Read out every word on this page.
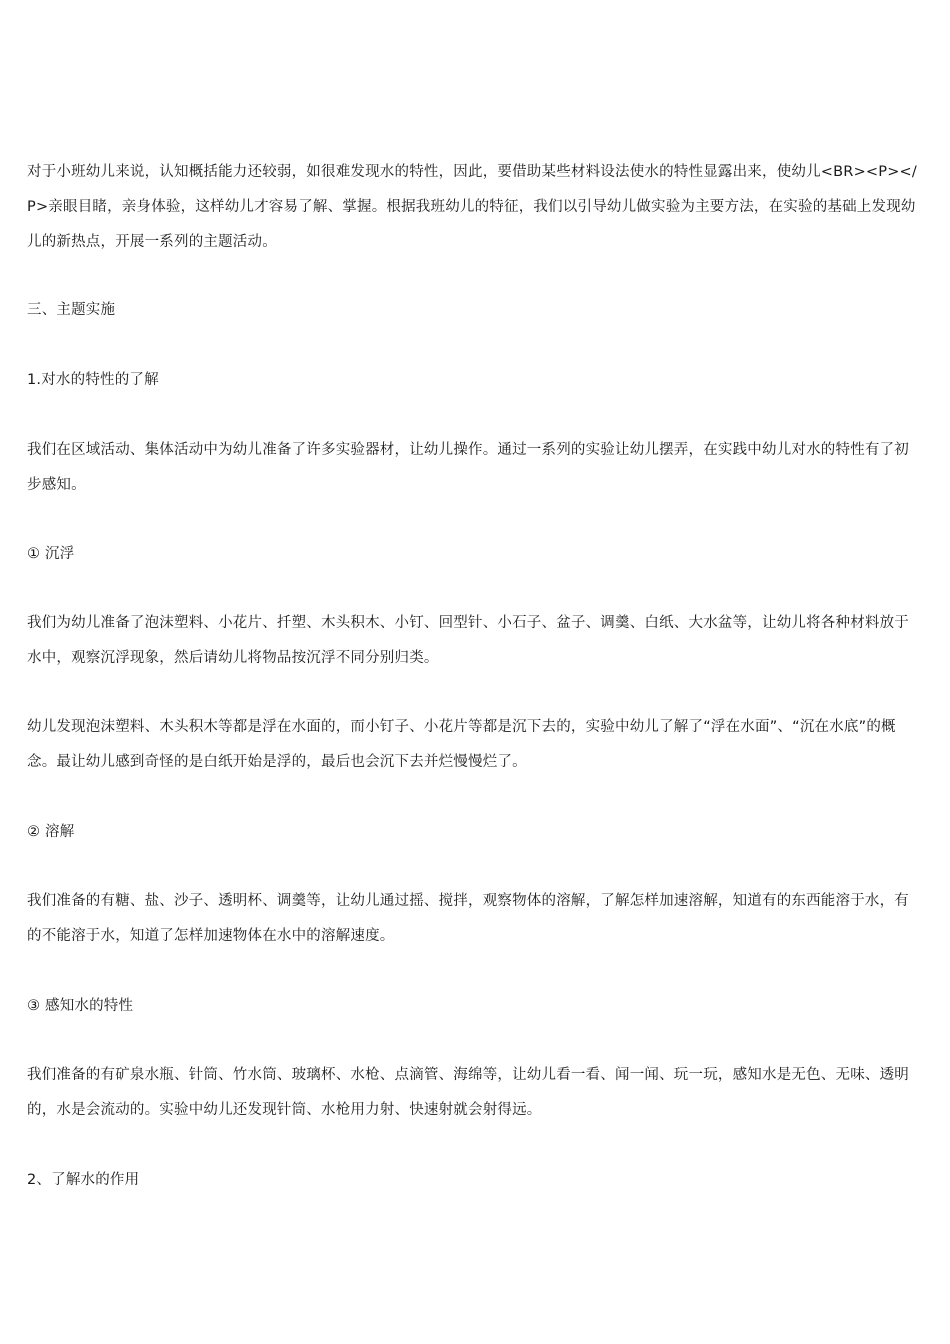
对于小班幼儿来说，认知概括能力还较弱，如很难发现水的特性，因此，要借助某些材料设法使水的特性显露出来，使幼儿<BR><P></P>亲眼目睹，亲身体验，这样幼儿才容易了解、掌握。根据我班幼儿的特征，我们以引导幼儿做实验为主要方法，在实验的基础上发现幼儿的新热点，开展一系列的主题活动。

三、主题实施

1.对水的特性的了解

我们在区域活动、集体活动中为幼儿准备了许多实验器材，让幼儿操作。通过一系列的实验让幼儿摆弄，在实践中幼儿对水的特性有了初步感知。

① 沉浮

我们为幼儿准备了泡沫塑料、小花片、扦塑、木头积木、小钉、回型针、小石子、盆子、调羹、白纸、大水盆等，让幼儿将各种材料放于水中，观察沉浮现象，然后请幼儿将物品按沉浮不同分别归类。

幼儿发现泡沫塑料、木头积木等都是浮在水面的，而小钉子、小花片等都是沉下去的，实验中幼儿了解了“浮在水面”、“沉在水底”的概念。最让幼儿感到奇怪的是白纸开始是浮的，最后也会沉下去并烂慢慢烂了。

② 溶解

我们准备的有糖、盐、沙子、透明杯、调羹等，让幼儿通过摇、搅拌，观察物体的溶解，了解怎样加速溶解，知道有的东西能溶于水，有的不能溶于水，知道了怎样加速物体在水中的溶解速度。

③ 感知水的特性

我们准备的有矿泉水瓶、针筒、竹水筒、玻璃杯、水枪、点滴管、海绵等，让幼儿看一看、闻一闻、玩一玩，感知水是无色、无味、透明的，水是会流动的。实验中幼儿还发现针筒、水枪用力射、快速射就会射得远。

2、了解水的作用
